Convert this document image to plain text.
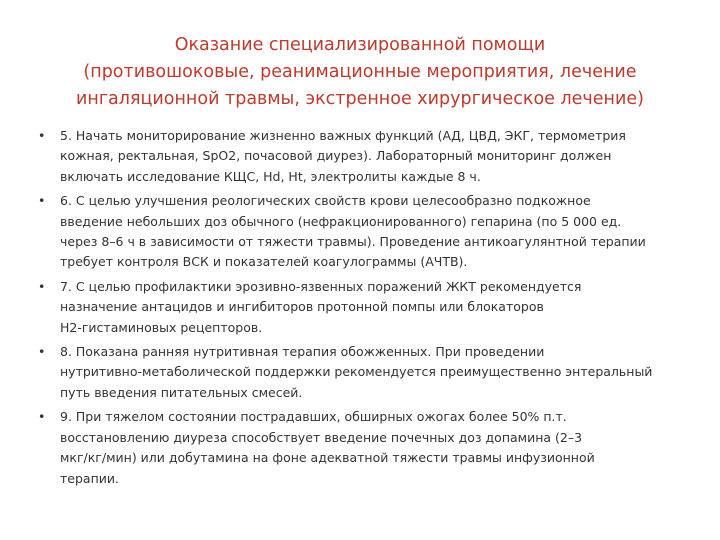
Оказание специализированной помощи
(противошоковые, реанимационные мероприятия, лечение
ингаляционной травмы, экстренное хирургическое лечение)
• 5. Начать мониторирование жизненно важных функций (АД, ЦВД, ЭКГ, термометрия
кожная, ректальная, SpO2, почасовой диурез). Лабораторный мониторинг должен
включать исследование КЩС, Hd, Ht, электролиты каждые 8 ч.
• 6. С целью улучшения реологических свойств крови целесообразно подкожное
введение небольших доз обычного (нефракционированного) гепарина (по 5 000 ед.
через 8–6 ч в зависимости от тяжести травмы). Проведение антикоагулянтной терапии
требует контроля ВСК и показателей коагулограммы (АЧТВ).
• 7. С целью профилактики эрозивно-язвенных поражений ЖКТ рекомендуется
назначение антацидов и ингибиторов протонной помпы или блокаторов
Н2-гистаминовых рецепторов.
• 8. Показана ранняя нутритивная терапия обожженных. При проведении
нутритивно-метаболической поддержки рекомендуется преимущественно энтеральный
путь введения питательных смесей.
• 9. При тяжелом состоянии пострадавших, обширных ожогах более 50% п.т.
восстановлению диуреза способствует введение почечных доз допамина (2–3
мкг/кг/мин) или добутамина на фоне адекватной тяжести травмы инфузионной
терапии.
